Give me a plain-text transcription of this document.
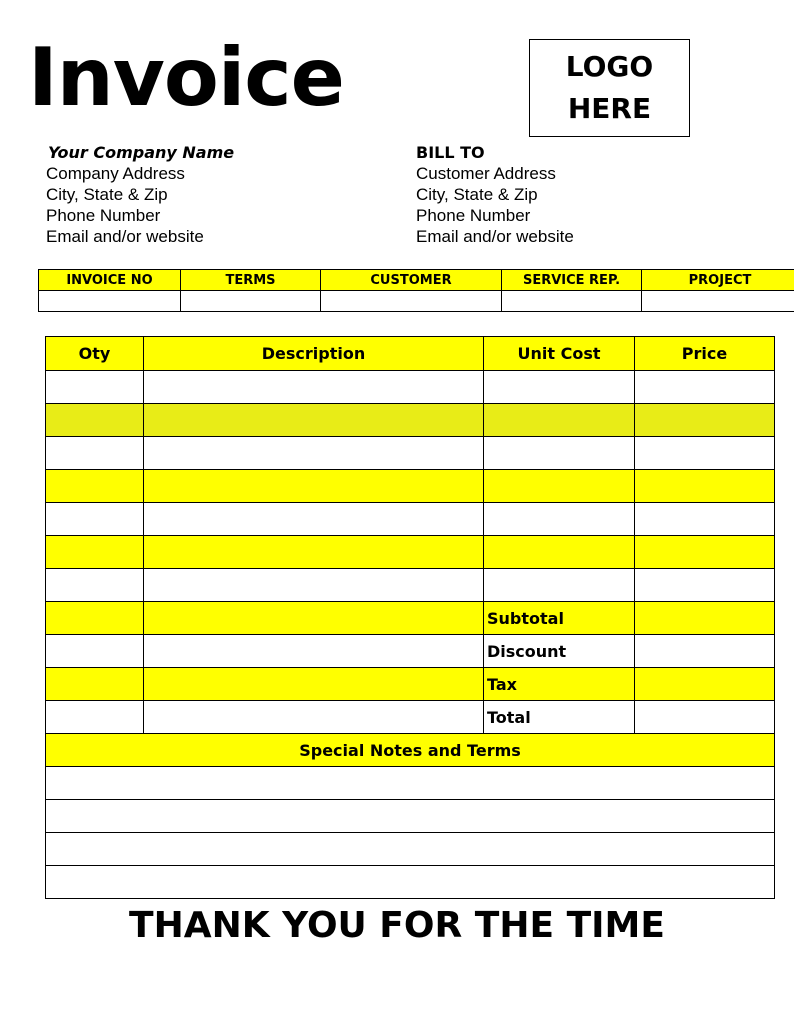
Invoice	LOGO
HERE
Your Company Name
Company Address
City, State & Zip
Phone Number
Email and/or website
BILL TO
Customer Address
City, State & Zip
Phone Number
Email and/or website
INVOICE NO	TERMS	CUSTOMER	SERVICE REP.	PROJECT

Oty	Description	Unit Cost	Price

		Subtotal	
		Discount	
		Tax	
		Total	
Special Notes and Terms			

THANK YOU FOR THE TIME
